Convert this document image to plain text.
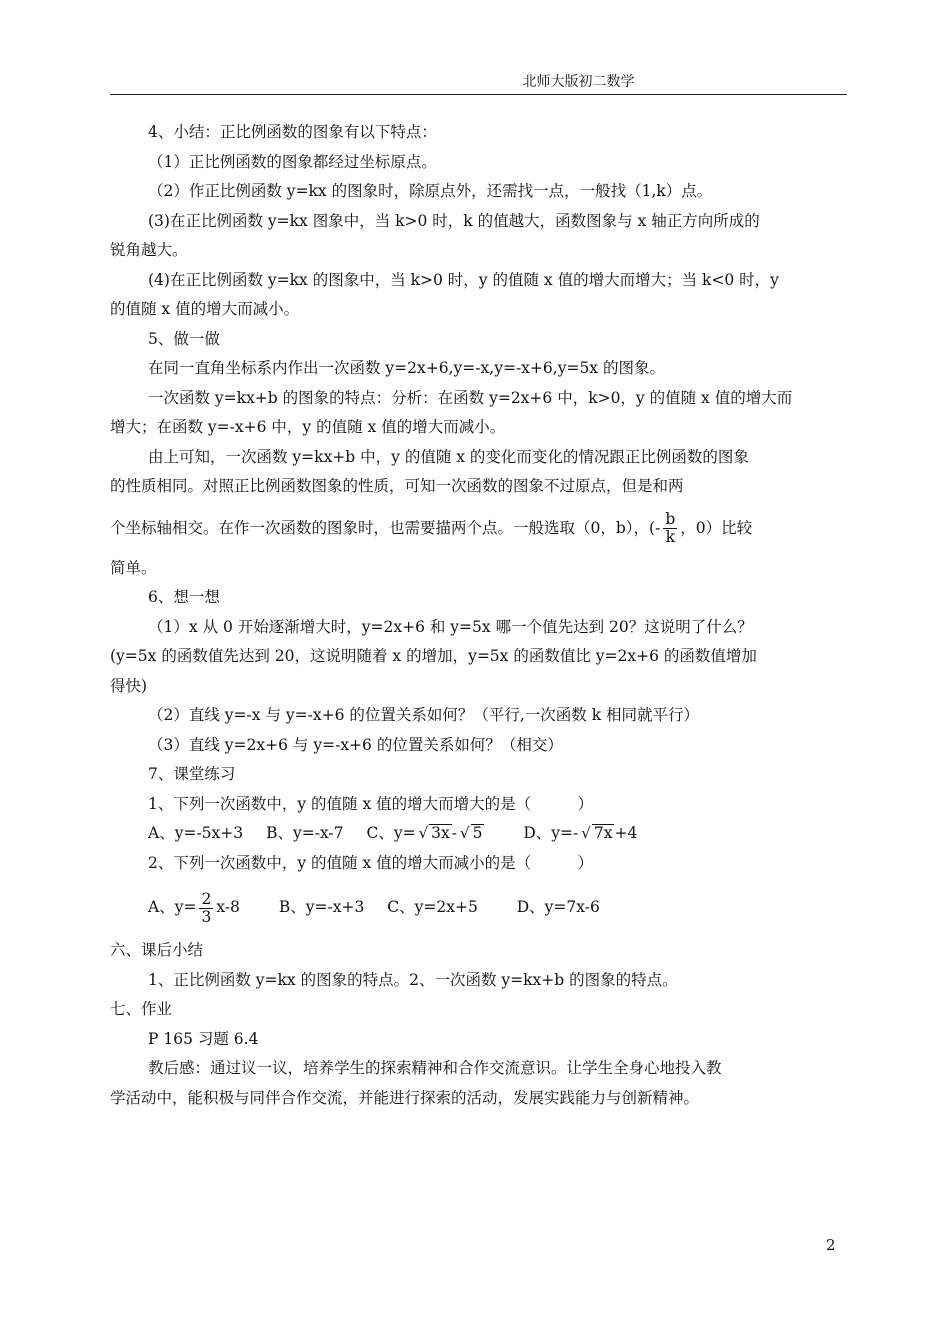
北师大版初二数学
4、小结：正比例函数的图象有以下特点：
（1）正比例函数的图象都经过坐标原点。
（2）作正比例函数 y=kx 的图象时，除原点外，还需找一点，一般找（1,k）点。
(3)在正比例函数 y=kx 图象中，当 k>0 时，k 的值越大，函数图象与 x 轴正方向所成的
锐角越大。
(4)在正比例函数 y=kx 的图象中，当 k>0 时，y 的值随 x 值的增大而增大；当 k<0 时，y
的值随 x 值的增大而减小。
5、做一做
在同一直角坐标系内作出一次函数 y=2x+6,y=-x,y=-x+6,y=5x 的图象。
一次函数 y=kx+b 的图象的特点：分析：在函数 y=2x+6 中，k>0，y 的值随 x 值的增大而
增大；在函数 y=-x+6 中，y 的值随 x 值的增大而减小。
由上可知，一次函数 y=kx+b 中，y 的值随 x 的变化而变化的情况跟正比例函数的图象
的性质相同。对照正比例函数图象的性质，可知一次函数的图象不过原点，但是和两
个坐标轴相交。在作一次函数的图象时，也需要描两个点。一般选取（0，b），(- $\frac{b}{k}$ ，0）比较
简单。
6、想一想
（1）x 从 0 开始逐渐增大时，y=2x+6 和 y=5x 哪一个值先达到 20？这说明了什么？
(y=5x 的函数值先达到 20，这说明随着 x 的增加，y=5x 的函数值比 y=2x+6 的函数值增加
得快)
（2）直线 y=-x 与 y=-x+6 的位置关系如何？（平行,一次函数 k 相同就平行）
（3）直线 y=2x+6 与 y=-x+6 的位置关系如何？（相交）
7、课堂练习
1、下列一次函数中，y 的值随 x 值的增大而增大的是（　　　）
A、y=-5x+3 B、y=-x-7 C、y= √ 3x - √ 5	D、y=- √ 7x +4
2、下列一次函数中，y 的值随 x 值的增大而减小的是（　　　）
A、$y= \frac{2}{3} x-8$	B、y=-x+3 C、y=2x+5	D、y=7x-6
六、课后小结
1、正比例函数 y=kx 的图象的特点。2、一次函数 y=kx+b 的图象的特点。
七、作业
P 165 习题 6.4
教后感：通过议一议，培养学生的探索精神和合作交流意识。让学生全身心地投入教
学活动中，能积极与同伴合作交流，并能进行探索的活动，发展实践能力与创新精神。
2
